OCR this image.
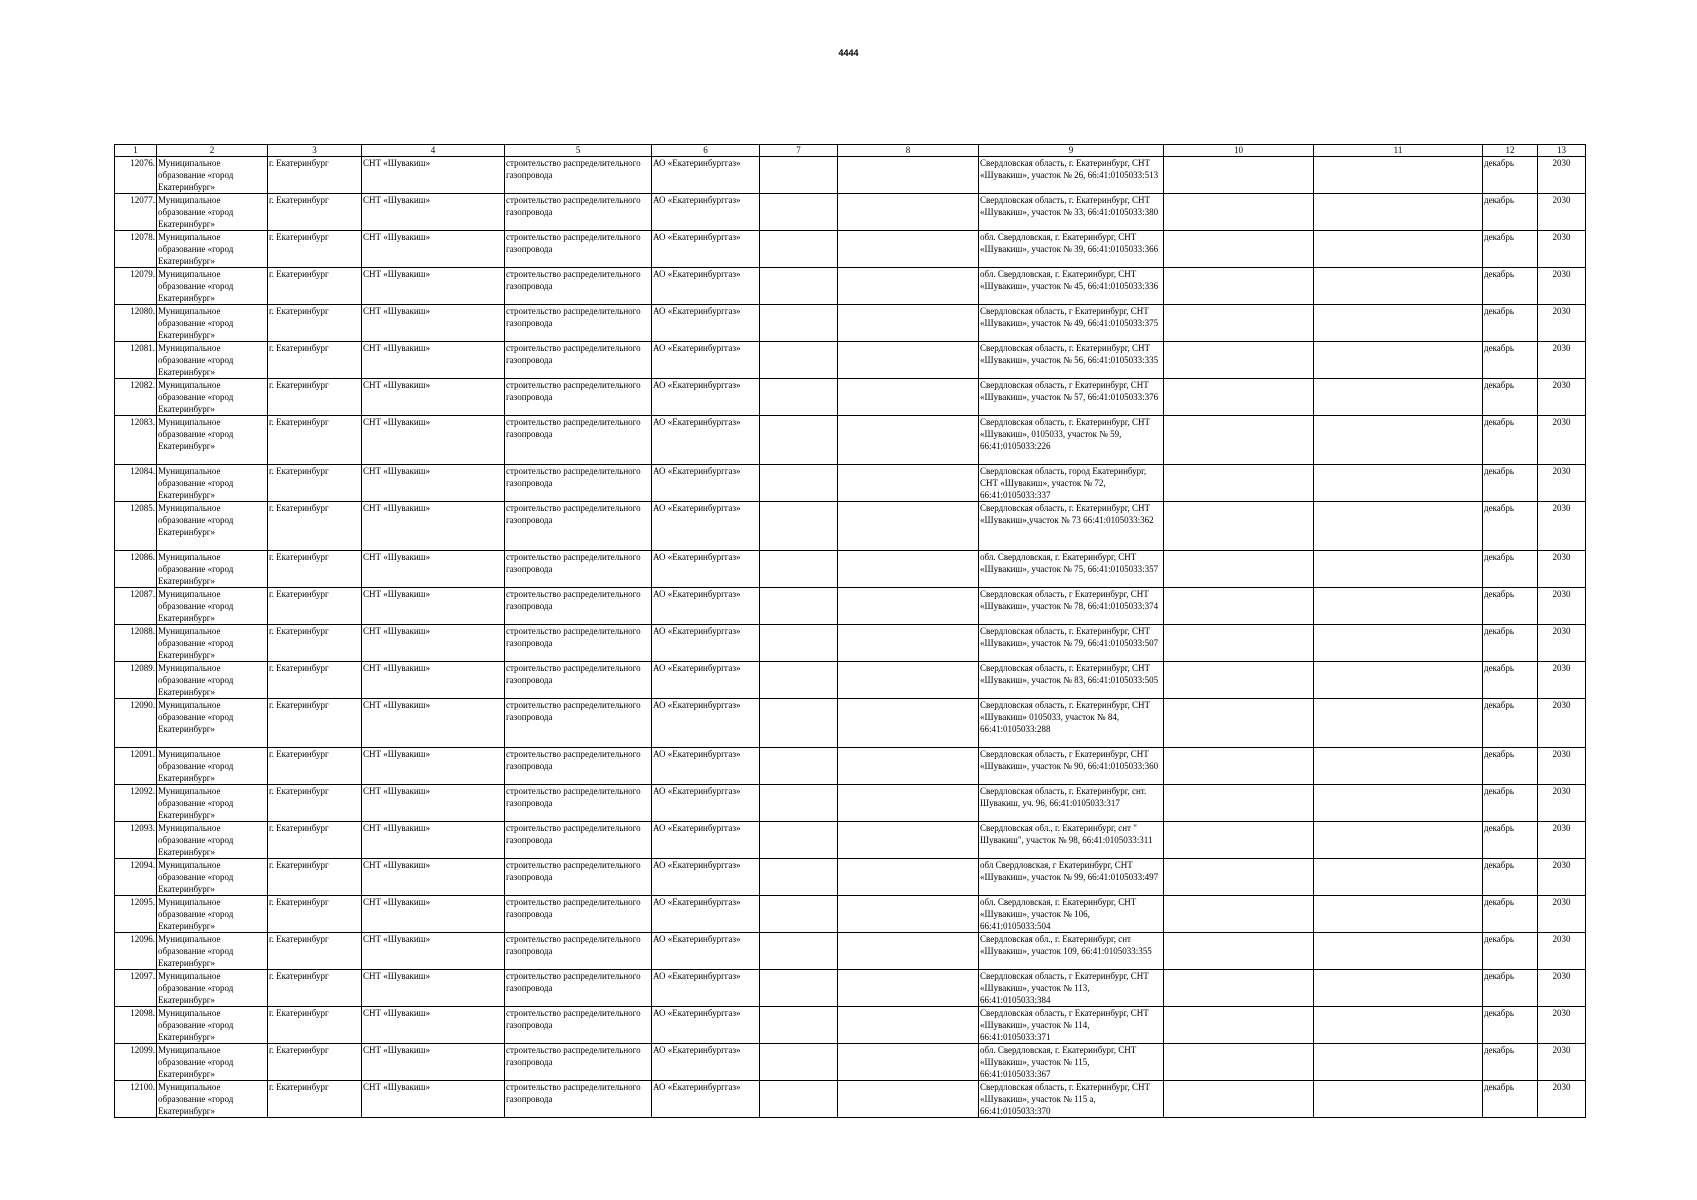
4444
1	2	3	4	5	6	7	8	9	10	11	12	13
12076.	Муниципальное образование «город Екатеринбург»	г. Екатеринбург	СНТ «Шувакиш»	строительство распределительного газопровода	АО «Екатеринбурггаз»			Свердловская область, г. Екатеринбург, СНТ «Шувакиш», участок № 26, 66:41:0105033:513			декабрь	2030
12077.	Муниципальное образование «город Екатеринбург»	г. Екатеринбург	СНТ «Шувакиш»	строительство распределительного газопровода	АО «Екатеринбурггаз»			Свердловская область, г. Екатеринбург, СНТ «Шувакиш», участок № 33, 66:41:0105033:380			декабрь	2030
12078.	Муниципальное образование «город Екатеринбург»	г. Екатеринбург	СНТ «Шувакиш»	строительство распределительного газопровода	АО «Екатеринбурггаз»			обл. Свердловская, г. Екатеринбург, СНТ «Шувакиш», участок № 39, 66:41:0105033:366			декабрь	2030
12079.	Муниципальное образование «город Екатеринбург»	г. Екатеринбург	СНТ «Шувакиш»	строительство распределительного газопровода	АО «Екатеринбурггаз»			обл. Свердловская, г. Екатеринбург, СНТ «Шувакиш», участок № 45, 66:41:0105033:336			декабрь	2030
12080.	Муниципальное образование «город Екатеринбург»	г. Екатеринбург	СНТ «Шувакиш»	строительство распределительного газопровода	АО «Екатеринбурггаз»			Свердловская область, г Екатеринбург, СНТ «Шувакиш», участок № 49, 66:41:0105033:375			декабрь	2030
12081.	Муниципальное образование «город Екатеринбург»	г. Екатеринбург	СНТ «Шувакиш»	строительство распределительного газопровода	АО «Екатеринбурггаз»			Свердловская область, г. Екатеринбург, СНТ «Шувакиш», участок № 56, 66:41:0105033:335			декабрь	2030
12082.	Муниципальное образование «город Екатеринбург»	г. Екатеринбург	СНТ «Шувакиш»	строительство распределительного газопровода	АО «Екатеринбурггаз»			Свердловская область, г Екатеринбург, СНТ «Шувакиш», участок № 57, 66:41:0105033:376			декабрь	2030
12083.	Муниципальное образование «город Екатеринбург»	г. Екатеринбург	СНТ «Шувакиш»	строительство распределительного газопровода	АО «Екатеринбурггаз»			Свердловская область, г. Екатеринбург, СНТ «Шувакиш», 0105033, участок № 59, 66:41:0105033:226			декабрь	2030
12084.	Муниципальное образование «город Екатеринбург»	г. Екатеринбург	СНТ «Шувакиш»	строительство распределительного газопровода	АО «Екатеринбурггаз»			Свердловская область, город Екатеринбург, СНТ «Шувакиш», участок № 72, 66:41:0105033:337			декабрь	2030
12085.	Муниципальное образование «город Екатеринбург»	г. Екатеринбург	СНТ «Шувакиш»	строительство распределительного газопровода	АО «Екатеринбурггаз»			Свердловская область, г. Екатеринбург, СНТ «Шувакиш»,участок № 73 66:41:0105033:362			декабрь	2030
12086.	Муниципальное образование «город Екатеринбург»	г. Екатеринбург	СНТ «Шувакиш»	строительство распределительного газопровода	АО «Екатеринбурггаз»			обл. Свердловская, г. Екатеринбург, СНТ «Шувакиш», участок № 75, 66:41:0105033:357			декабрь	2030
12087.	Муниципальное образование «город Екатеринбург»	г. Екатеринбург	СНТ «Шувакиш»	строительство распределительного газопровода	АО «Екатеринбурггаз»			Свердловская область, г Екатеринбург, СНТ «Шувакиш», участок № 78, 66:41:0105033:374			декабрь	2030
12088.	Муниципальное образование «город Екатеринбург»	г. Екатеринбург	СНТ «Шувакиш»	строительство распределительного газопровода	АО «Екатеринбурггаз»			Свердловская область, г. Екатеринбург, СНТ «Шувакиш», участок № 79, 66:41:0105033:507			декабрь	2030
12089.	Муниципальное образование «город Екатеринбург»	г. Екатеринбург	СНТ «Шувакиш»	строительство распределительного газопровода	АО «Екатеринбурггаз»			Свердловская область, г. Екатеринбург, СНТ «Шувакиш», участок № 83, 66:41:0105033:505			декабрь	2030
12090.	Муниципальное образование «город Екатеринбург»	г. Екатеринбург	СНТ «Шувакиш»	строительство распределительного газопровода	АО «Екатеринбурггаз»			Свердловская область, г. Екатеринбург, СНТ «Шувакиш» 0105033, участок № 84, 66:41:0105033:288			декабрь	2030
12091.	Муниципальное образование «город Екатеринбург»	г. Екатеринбург	СНТ «Шувакиш»	строительство распределительного газопровода	АО «Екатеринбурггаз»			Свердловская область, г Екатеринбург, СНТ «Шувакиш», участок № 90, 66:41:0105033:360			декабрь	2030
12092.	Муниципальное образование «город Екатеринбург»	г. Екатеринбург	СНТ «Шувакиш»	строительство распределительного газопровода	АО «Екатеринбурггаз»			Свердловская область, г. Екатеринбург, снт. Шувакиш, уч. 96, 66:41:0105033:317			декабрь	2030
12093.	Муниципальное образование «город Екатеринбург»	г. Екатеринбург	СНТ «Шувакиш»	строительство распределительного газопровода	АО «Екатеринбурггаз»			Свердловская обл., г. Екатеринбург, снт " Шувакиш", участок № 98, 66:41:0105033:311			декабрь	2030
12094.	Муниципальное образование «город Екатеринбург»	г. Екатеринбург	СНТ «Шувакиш»	строительство распределительного газопровода	АО «Екатеринбурггаз»			обл Свердловская, г Екатеринбург, СНТ «Шувакиш», участок № 99, 66:41:0105033:497			декабрь	2030
12095.	Муниципальное образование «город Екатеринбург»	г. Екатеринбург	СНТ «Шувакиш»	строительство распределительного газопровода	АО «Екатеринбурггаз»			обл. Свердловская, г. Екатеринбург, СНТ «Шувакиш», участок № 106, 66:41:0105033:504			декабрь	2030
12096.	Муниципальное образование «город Екатеринбург»	г. Екатеринбург	СНТ «Шувакиш»	строительство распределительного газопровода	АО «Екатеринбурггаз»			Свердловская обл., г. Екатеринбург, снт «Шувакиш», участок 109, 66:41:0105033:355			декабрь	2030
12097.	Муниципальное образование «город Екатеринбург»	г. Екатеринбург	СНТ «Шувакиш»	строительство распределительного газопровода	АО «Екатеринбурггаз»			Свердловская область, г Екатеринбург, СНТ «Шувакиш», участок № 113, 66:41:0105033:384			декабрь	2030
12098.	Муниципальное образование «город Екатеринбург»	г. Екатеринбург	СНТ «Шувакиш»	строительство распределительного газопровода	АО «Екатеринбурггаз»			Свердловская область, г Екатеринбург, СНТ «Шувакиш», участок № 114, 66:41:0105033:371			декабрь	2030
12099.	Муниципальное образование «город Екатеринбург»	г. Екатеринбург	СНТ «Шувакиш»	строительство распределительного газопровода	АО «Екатеринбурггаз»			обл. Свердловская, г. Екатеринбург, СНТ «Шувакиш», участок № 115, 66:41:0105033:367			декабрь	2030
12100.	Муниципальное образование «город Екатеринбург»	г. Екатеринбург	СНТ «Шувакиш»	строительство распределительного газопровода	АО «Екатеринбурггаз»			Свердловская область, г. Екатеринбург, СНТ «Шувакиш», участок № 115 а, 66:41:0105033:370			декабрь	2030
